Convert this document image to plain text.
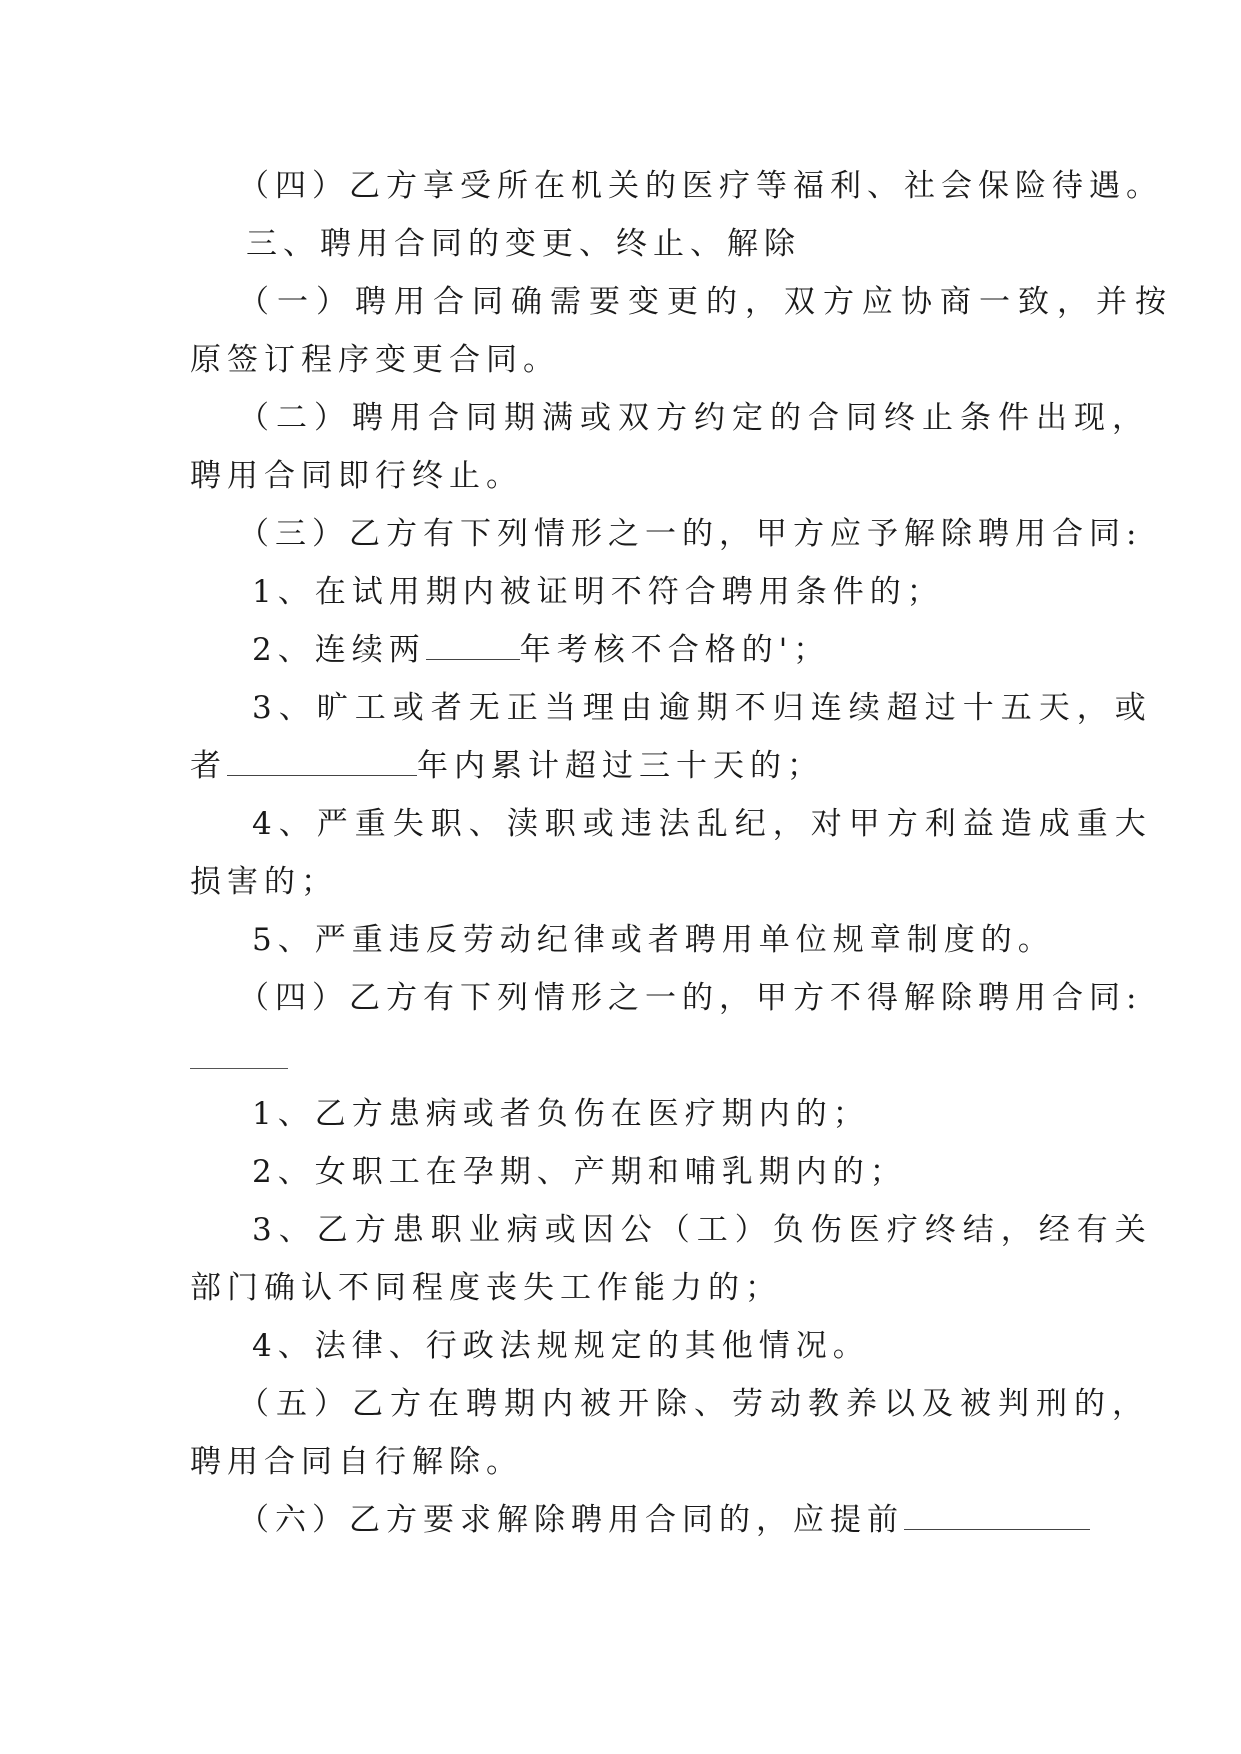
（四）乙方享受所在机关的医疗等福利、社会保险待遇。
三、聘用合同的变更、终止、解除
（一）聘用合同确需要变更的，双方应协商一致，并按
原签订程序变更合同。
（二）聘用合同期满或双方约定的合同终止条件出现，
聘用合同即行终止。
（三）乙方有下列情形之一的，甲方应予解除聘用合同:
1、在试用期内被证明不符合聘用条件的；
2、连续两	年考核不合格的'；
3、旷工或者无正当理由逾期不归连续超过十五天，或
者	年内累计超过三十天的；
4、严重失职、渎职或违法乱纪，对甲方利益造成重大
损害的；
5、严重违反劳动纪律或者聘用单位规章制度的。
（四）乙方有下列情形之一的，甲方不得解除聘用合同:
1、乙方患病或者负伤在医疗期内的；
2、女职工在孕期、产期和哺乳期内的；
3、乙方患职业病或因公（工）负伤医疗终结，经有关
部门确认不同程度丧失工作能力的；
4、法律、行政法规规定的其他情况。
（五）乙方在聘期内被开除、劳动教养以及被判刑的，
聘用合同自行解除。
（六）乙方要求解除聘用合同的，应提前
